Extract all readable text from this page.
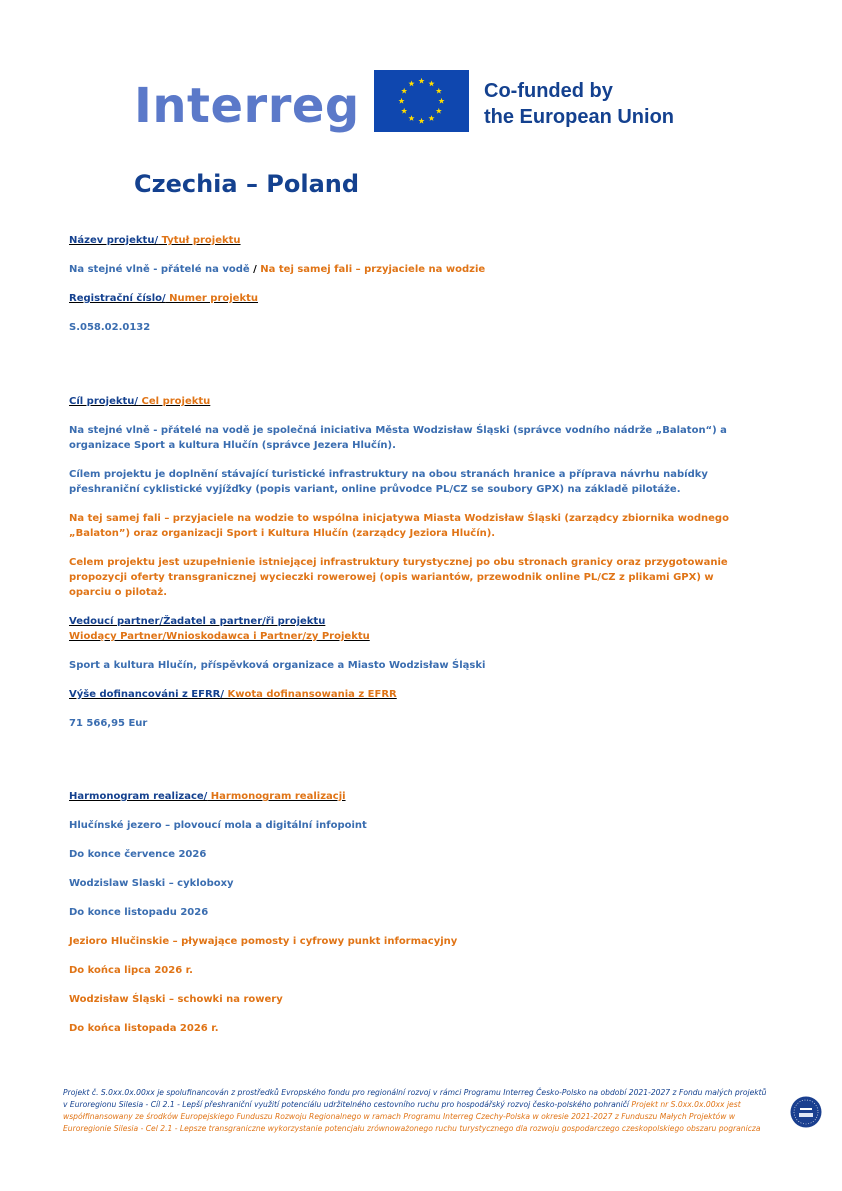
Interreg	Co-funded by
the European Union
Czechia – Poland

Název projektu/ Tytuł projektu

Na stejné vlně - přátelé na vodě / Na tej samej fali – przyjaciele na wodzie

Registrační číslo/ Numer projektu

S.058.02.0132

Cíl projektu/ Cel projektu

Na stejné vlně - přátelé na vodě je společná iniciativa Města Wodzisław Śląski (správce vodního nádrže „Balaton“) a organizace Sport a kultura Hlučín (správce Jezera Hlučín).

Cílem projektu je doplnění stávající turistické infrastruktury na obou stranách hranice a příprava návrhu nabídky přeshraniční cyklistické vyjížďky (popis variant, online průvodce PL/CZ se soubory GPX) na základě pilotáže.

Na tej samej fali – przyjaciele na wodzie to wspólna inicjatywa Miasta Wodzisław Śląski (zarządcy zbiornika wodnego „Balaton”) oraz organizacji Sport i Kultura Hlučín (zarządcy Jeziora Hlučín).

Celem projektu jest uzupełnienie istniejącej infrastruktury turystycznej po obu stronach granicy oraz przygotowanie propozycji oferty transgranicznej wycieczki rowerowej (opis wariantów, przewodnik online PL/CZ z plikami GPX) w oparciu o pilotaż.

Vedoucí partner/Žadatel a partner/ři projektu
Wiodący Partner/Wnioskodawca i Partner/zy Projektu

Sport a kultura Hlučín, příspěvková organizace a Miasto Wodzisław Śląski

Výše dofinancováni z EFRR/ Kwota dofinansowania z EFRR

71 566,95 Eur

Harmonogram realizace/ Harmonogram realizacji

Hlučínské jezero – plovoucí mola a digitální infopoint

Do konce července 2026

Wodzislaw Slaski – cykloboxy

Do konce listopadu 2026

Jezioro Hlučinskie – pływające pomosty i cyfrowy punkt informacyjny

Do końca lipca 2026 r.

Wodzisław Śląski – schowki na rowery

Do końca listopada 2026 r.

Projekt č. S.0xx.0x.00xx je spolufinancován z prostředků Evropského fondu pro regionální rozvoj v rámci Programu Interreg Česko-Polsko na období 2021-2027 z Fondu malých projektů v Euroregionu Silesia - Cíl 2.1 - Lepší přeshraniční využití potenciálu udržitelného cestovního ruchu pro hospodářský rozvoj česko-polského pohraničí Projekt nr S.0xx.0x.00xx jest współfinansowany ze środków Europejskiego Funduszu Rozwoju Regionalnego w ramach Programu Interreg Czechy-Polska w okresie 2021-2027 z Funduszu Małych Projektów w Euroregionie Silesia - Cel 2.1 - Lepsze transgraniczne wykorzystanie potencjału zrównoważonego ruchu turystycznego dla rozwoju gospodarczego czeskopolskiego obszaru pogranicza
